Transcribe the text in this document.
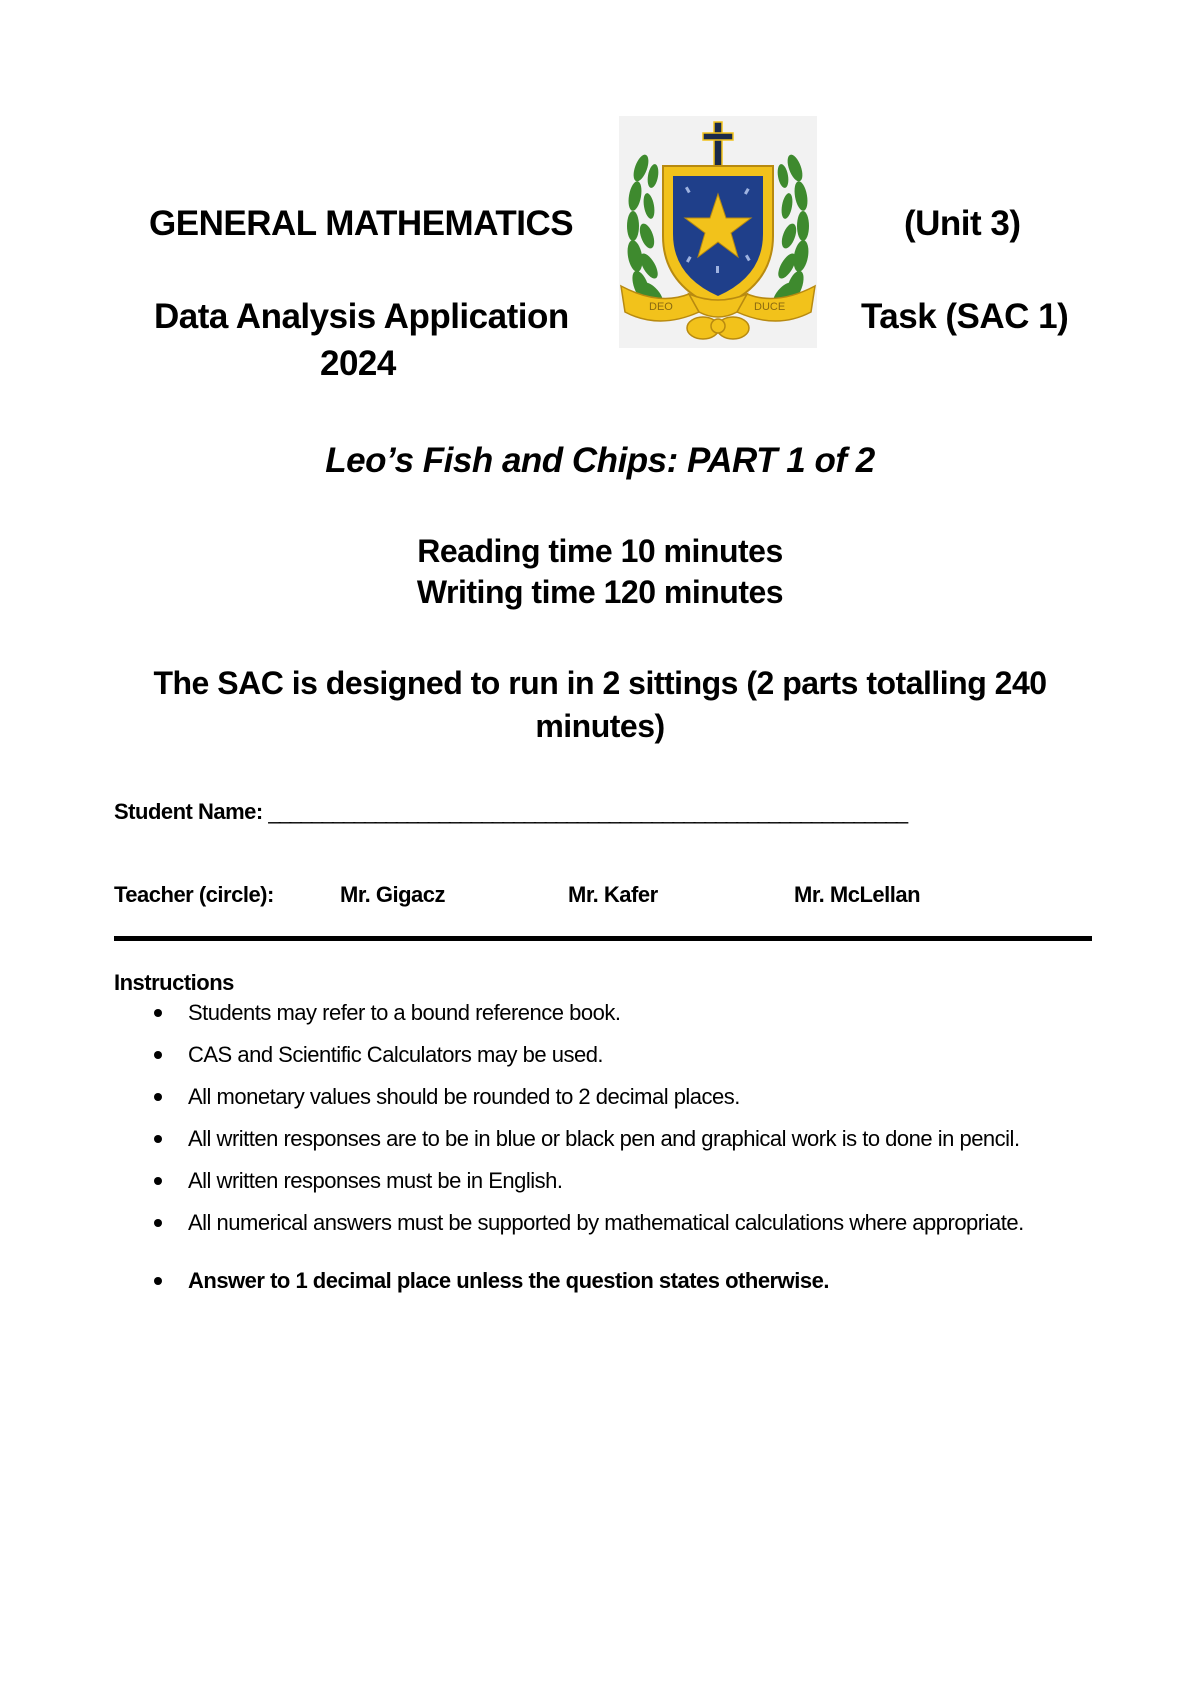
GENERAL MATHEMATICS	(Unit 3)
Data Analysis Application	Task (SAC 1)
2024
DEO	DUCE
Leo’s Fish and Chips: PART 1 of 2
Reading time 10 minutes
Writing time 120 minutes
The SAC is designed to run in 2 sittings (2 parts totalling 240 minutes)
Student Name: ____________________________________________________________
Teacher (circle):	Mr. Gigacz	Mr. Kafer	Mr. McLellan
Instructions
Students may refer to a bound reference book.
CAS and Scientific Calculators may be used.
All monetary values should be rounded to 2 decimal places.
All written responses are to be in blue or black pen and graphical work is to done in pencil.
All written responses must be in English.
All numerical answers must be supported by mathematical calculations where appropriate.
Answer to 1 decimal place unless the question states otherwise.
